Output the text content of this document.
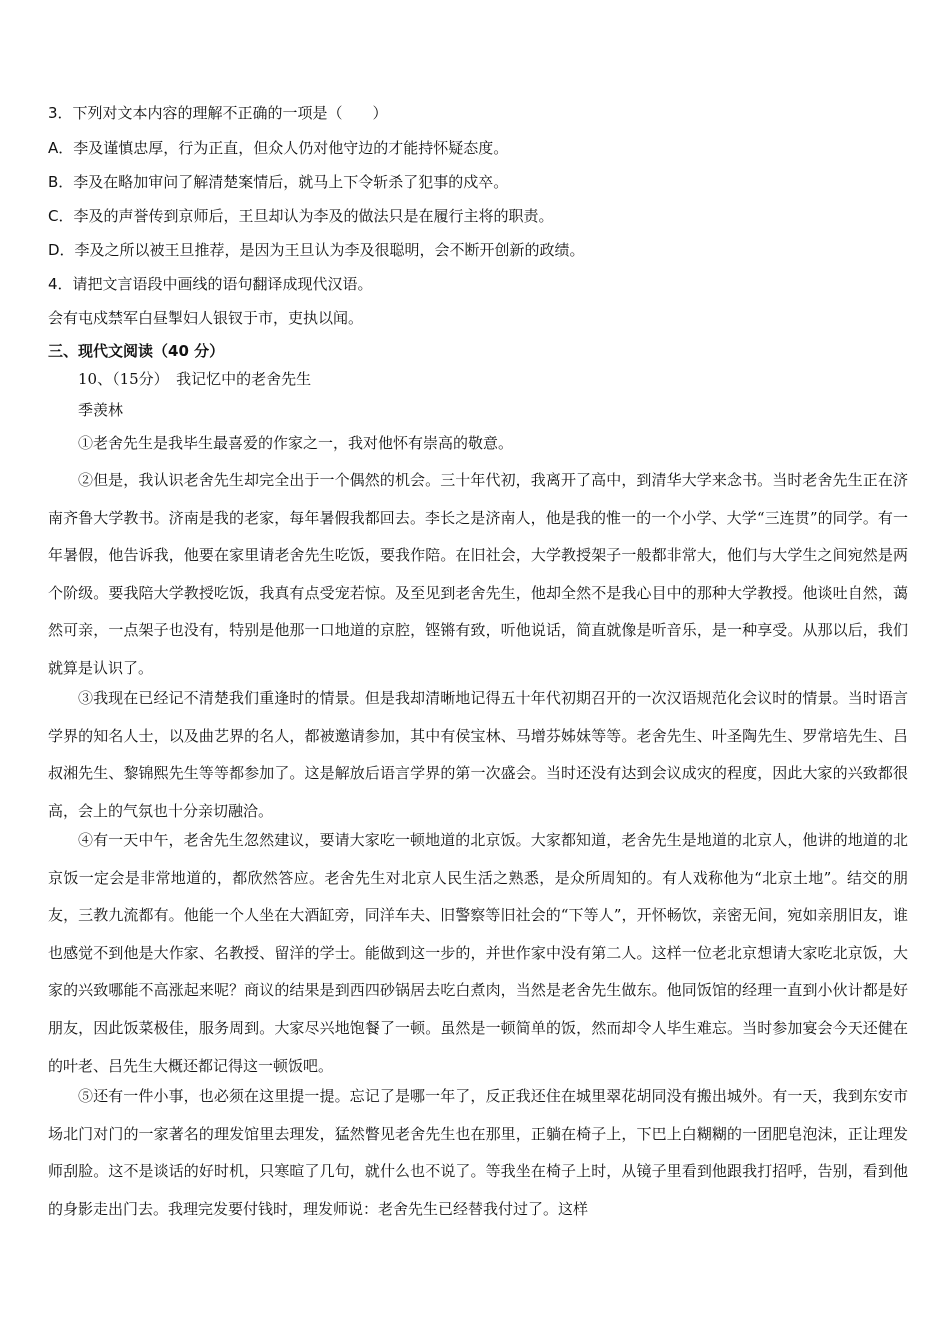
3．下列对文本内容的理解不正确的一项是（　　）
A．李及谨慎忠厚，行为正直，但众人仍对他守边的才能持怀疑态度。
B．李及在略加审问了解清楚案情后，就马上下令斩杀了犯事的戍卒。
C．李及的声誉传到京师后，王旦却认为李及的做法只是在履行主将的职责。
D．李及之所以被王旦推荐，是因为王旦认为李及很聪明，会不断开创新的政绩。
4．请把文言语段中画线的语句翻译成现代汉语。
会有屯戍禁军白昼掣妇人银钗于市，吏执以闻。
三、现代文阅读（40 分）
10、（15分）　我记忆中的老舍先生
季羡林
①老舍先生是我毕生最喜爱的作家之一，我对他怀有崇高的敬意。
②但是，我认识老舍先生却完全出于一个偶然的机会。三十年代初，我离开了高中，到清华大学来念书。当时老舍先生正在济南齐鲁大学教书。济南是我的老家，每年暑假我都回去。李长之是济南人，他是我的惟一的一个小学、大学“三连贯”的同学。有一年暑假，他告诉我，他要在家里请老舍先生吃饭，要我作陪。在旧社会，大学教授架子一般都非常大，他们与大学生之间宛然是两个阶级。要我陪大学教授吃饭，我真有点受宠若惊。及至见到老舍先生，他却全然不是我心目中的那种大学教授。他谈吐自然，蔼然可亲，一点架子也没有，特别是他那一口地道的京腔，铿锵有致，听他说话，简直就像是听音乐，是一种享受。从那以后，我们就算是认识了。
③我现在已经记不清楚我们重逢时的情景。但是我却清晰地记得五十年代初期召开的一次汉语规范化会议时的情景。当时语言学界的知名人士，以及曲艺界的名人，都被邀请参加，其中有侯宝林、马增芬姊妹等等。老舍先生、叶圣陶先生、罗常培先生、吕叔湘先生、黎锦熙先生等等都参加了。这是解放后语言学界的第一次盛会。当时还没有达到会议成灾的程度，因此大家的兴致都很高，会上的气氛也十分亲切融洽。
④有一天中午，老舍先生忽然建议，要请大家吃一顿地道的北京饭。大家都知道，老舍先生是地道的北京人，他讲的地道的北京饭一定会是非常地道的，都欣然答应。老舍先生对北京人民生活之熟悉，是众所周知的。有人戏称他为“北京土地”。结交的朋友，三教九流都有。他能一个人坐在大酒缸旁，同洋车夫、旧警察等旧社会的“下等人”，开怀畅饮，亲密无间，宛如亲朋旧友，谁也感觉不到他是大作家、名教授、留洋的学士。能做到这一步的，并世作家中没有第二人。这样一位老北京想请大家吃北京饭，大家的兴致哪能不高涨起来呢？商议的结果是到西四砂锅居去吃白煮肉，当然是老舍先生做东。他同饭馆的经理一直到小伙计都是好朋友，因此饭菜极佳，服务周到。大家尽兴地饱餐了一顿。虽然是一顿简单的饭，然而却令人毕生难忘。当时参加宴会今天还健在的叶老、吕先生大概还都记得这一顿饭吧。
⑤还有一件小事，也必须在这里提一提。忘记了是哪一年了，反正我还住在城里翠花胡同没有搬出城外。有一天，我到东安市场北门对门的一家著名的理发馆里去理发，猛然瞥见老舍先生也在那里，正躺在椅子上，下巴上白糊糊的一团肥皂泡沫，正让理发师刮脸。这不是谈话的好时机，只寒暄了几句，就什么也不说了。等我坐在椅子上时，从镜子里看到他跟我打招呼，告别，看到他的身影走出门去。我理完发要付钱时，理发师说：老舍先生已经替我付过了。这样
